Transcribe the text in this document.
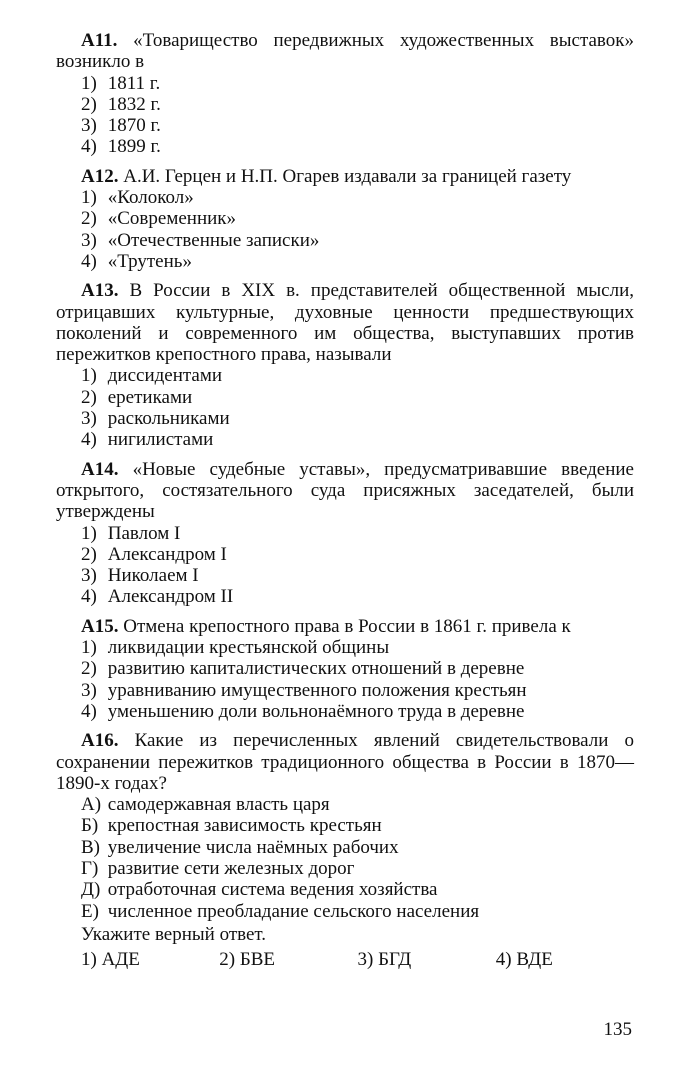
А11. «Товарищество передвижных художественных выставок» возникло в

1) 1811 г.
2) 1832 г.
3) 1870 г.
4) 1899 г.

А12. А.И. Герцен и Н.П. Огарев издавали за границей газету

1) «Колокол»
2) «Современник»
3) «Отечественные записки»
4) «Трутень»

А13. В России в XIX в. представителей общественной мысли, отрицавших культурные, духовные ценности предшествующих поколений и современного им общества, выступавших против пережитков крепостного права, называли

1) диссидентами
2) еретиками
3) раскольниками
4) нигилистами

А14. «Новые судебные уставы», предусматривавшие введение открытого, состязательного суда присяжных заседателей, были утверждены

1) Павлом I
2) Александром I
3) Николаем I
4) Александром II

А15. Отмена крепостного права в России в 1861 г. привела к

1) ликвидации крестьянской общины
2) развитию капиталистических отношений в деревне
3) уравниванию имущественного положения крестьян
4) уменьшению доли вольнонаёмного труда в деревне

А16. Какие из перечисленных явлений свидетельствовали о сохранении пережитков традиционного общества в России в 1870—1890-х годах?

А) самодержавная власть царя
Б) крепостная зависимость крестьян
В) увеличение числа наёмных рабочих
Г) развитие сети железных дорог
Д) отработочная система ведения хозяйства
Е) численное преобладание сельского населения

Укажите верный ответ.

1) АДЕ	2) БВЕ	3) БГД	4) ВДЕ
135
